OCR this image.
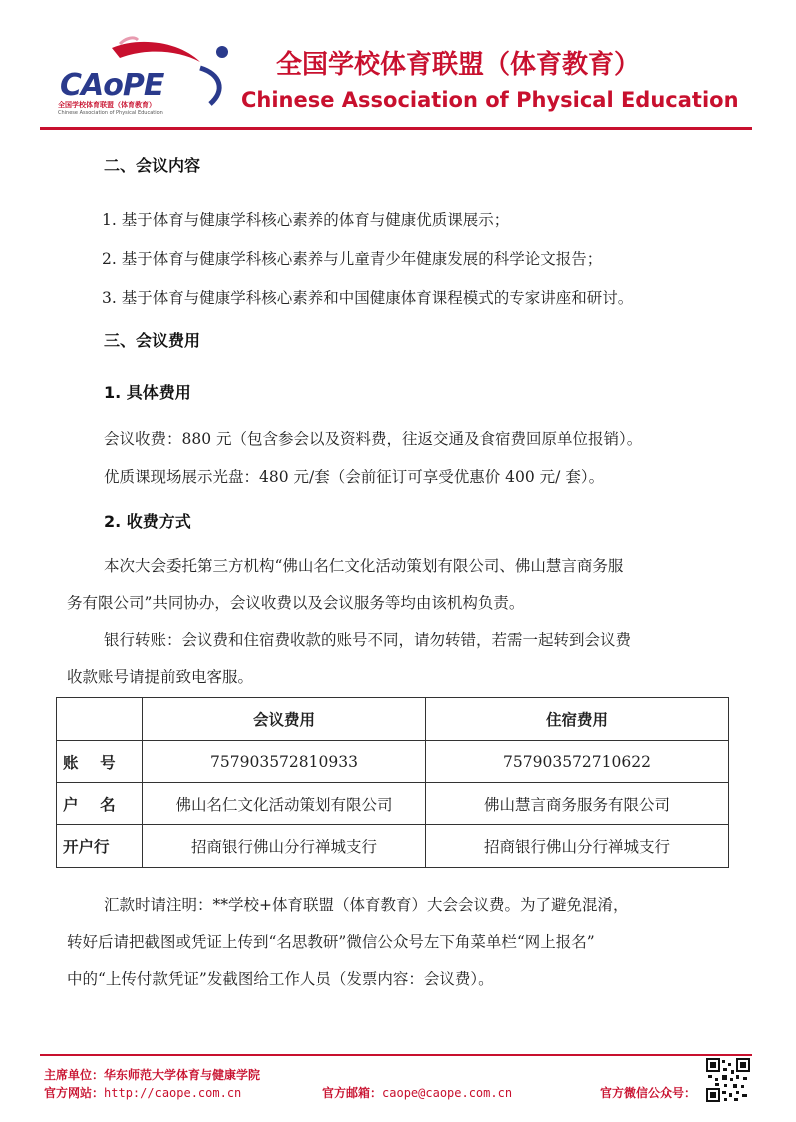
CAoPE
全国学校体育联盟（体育教育）
Chinese Association of Physical Education
全国学校体育联盟（体育教育）
Chinese Association of Physical Education
二、会议内容
1. 基于体育与健康学科核心素养的体育与健康优质课展示；
2. 基于体育与健康学科核心素养与儿童青少年健康发展的科学论文报告；
3. 基于体育与健康学科核心素养和中国健康体育课程模式的专家讲座和研讨。
三、会议费用
1. 具体费用
会议收费：880 元（包含参会以及资料费，往返交通及食宿费回原单位报销）。
优质课现场展示光盘：480 元/套（会前征订可享受优惠价 400 元/ 套）。
2. 收费方式
本次大会委托第三方机构“佛山名仁文化活动策划有限公司、佛山慧言商务服
务有限公司”共同协办，会议收费以及会议服务等均由该机构负责。
银行转账：会议费和住宿费收款的账号不同，请勿转错，若需一起转到会议费
收款账号请提前致电客服。
	会议费用	住宿费用
账    号	757903572810933	757903572710622
户    名	佛山名仁文化活动策划有限公司	佛山慧言商务服务有限公司
开户行	招商银行佛山分行禅城支行	招商银行佛山分行禅城支行
汇款时请注明：**学校+体育联盟（体育教育）大会会议费。为了避免混淆，
转好后请把截图或凭证上传到“名思教研”微信公众号左下角菜单栏“网上报名”
中的“上传付款凭证”发截图给工作人员（发票内容：会议费）。
主席单位：华东师范大学体育与健康学院
官方网站：http://caope.com.cn	官方邮箱：caope@caope.com.cn	官方微信公众号：
